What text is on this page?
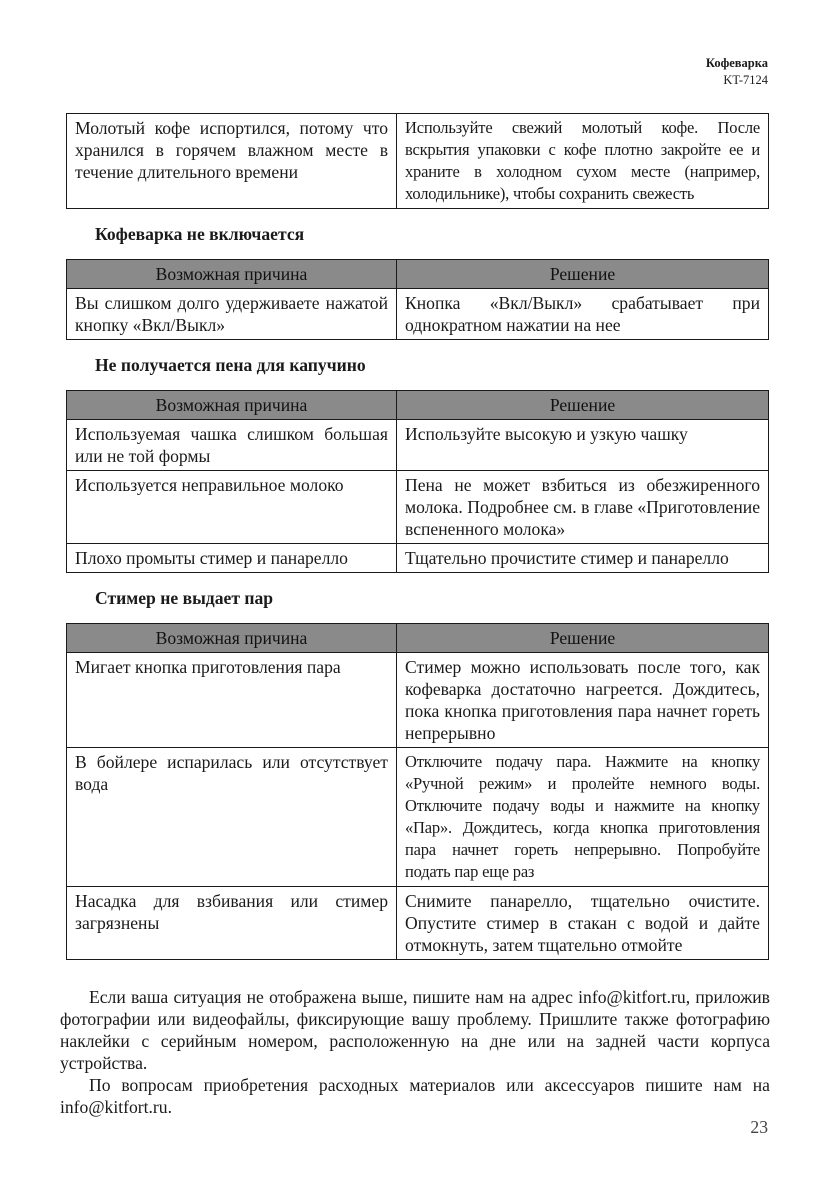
Кофеварка
KT-7124
Молотый кофе испортился, потому что хранился в горячем влажном месте в течение длительного времени	Используйте свежий молотый кофе. После вскрытия упаковки с кофе плотно закройте ее и храните в холодном сухом месте (например, холодильнике), чтобы сохранить свежесть
Кофеварка не включается
Возможная причина	Решение
Вы слишком долго удерживаете нажатой кнопку «Вкл/Выкл»	Кнопка «Вкл/Выкл» срабатывает при однократном нажатии на нее
Не получается пена для капучино
Возможная причина	Решение
Используемая чашка слишком большая или не той формы	Используйте высокую и узкую чашку
Используется неправильное молоко	Пена не может взбиться из обезжиренного молока. Подробнее см. в главе «Приготовление вспененного молока»
Плохо промыты стимер и панарелло	Тщательно прочистите стимер и панарелло
Стимер не выдает пар
Возможная причина	Решение
Мигает кнопка приготовления пара	Стимер можно использовать после того, как кофеварка достаточно нагреется. Дождитесь, пока кнопка приготовления пара начнет гореть непрерывно
В бойлере испарилась или отсутствует вода	Отключите подачу пара. Нажмите на кнопку «Ручной режим» и пролейте немного воды. Отключите подачу воды и нажмите на кнопку «Пар». Дождитесь, когда кнопка приготовления пара начнет гореть непрерывно. Попробуйте подать пар еще раз
Насадка для взбивания или стимер загрязнены	Снимите панарелло, тщательно очистите. Опустите стимер в стакан с водой и дайте отмокнуть, затем тщательно отмойте

Если ваша ситуация не отображена выше, пишите нам на адрес info@kitfort.ru, приложив фотографии или видеофайлы, фиксирующие вашу проблему. Пришлите также фотографию наклейки с серийным номером, расположенную на дне или на задней части корпуса устройства.

По вопросам приобретения расходных материалов или аксессуаров пишите нам на info@kitfort.ru.

23
